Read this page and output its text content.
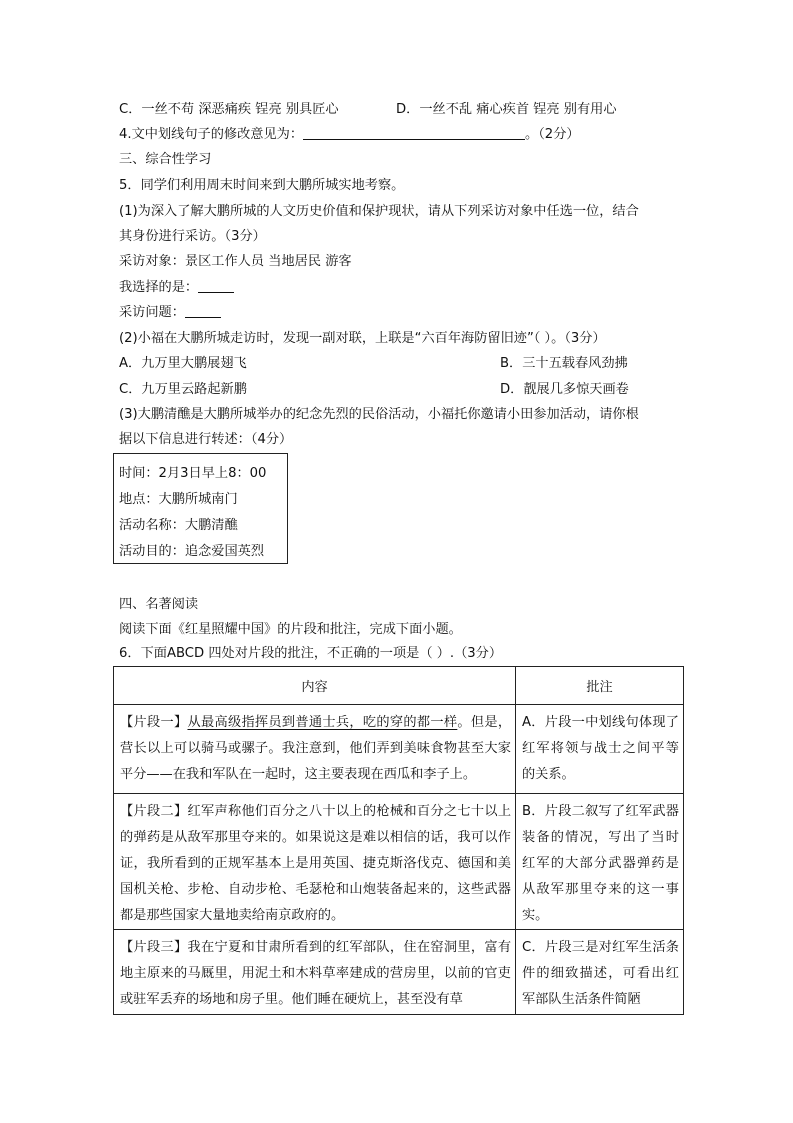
C．一丝不苟 深恶痛疾 锃亮 别具匠心	D．一丝不乱 痛心疾首 锃亮 别有用心
4.文中划线句子的修改意见为：	。（2分）
三、综合性学习
5．同学们利用周末时间来到大鹏所城实地考察。
(1)为深入了解大鹏所城的人文历史价值和保护现状，请从下列采访对象中任选一位，结合
其身份进行采访。（3分）
采访对象：景区工作人员 当地居民 游客
我选择的是：
采访问题：
(2)小福在大鹏所城走访时，发现一副对联，上联是“六百年海防留旧迹”（ ）。（3分）
A．九万里大鹏展翅飞	B．三十五载春风劲拂
C．九万里云路起新鹏	D．靓展几多惊天画卷
(3)大鹏清醮是大鹏所城举办的纪念先烈的民俗活动，小福托你邀请小田参加活动，请你根
据以下信息进行转述：（4分）
时间：2月3日早上8：00
地点：大鹏所城南门
活动名称：大鹏清醮
活动目的：追念爱国英烈
四、名著阅读
阅读下面《红星照耀中国》的片段和批注，完成下面小题。
6．下面ABCD 四处对片段的批注，不正确的一项是（ ）.（3分）
内容	批注

【片段一】从最高级指挥员到普通士兵，吃的穿的都一样。但是，营长以上可以骑马或骡子。我注意到，他们弄到美味食物甚至大家平分——在我和军队在一起时，这主要表现在西瓜和李子上。	A．片段一中划线句体现了红军将领与战士之间平等的关系。

【片段二】红军声称他们百分之八十以上的枪械和百分之七十以上的弹药是从敌军那里夺来的。如果说这是难以相信的话，我可以作证，我所看到的正规军基本上是用英国、捷克斯洛伐克、德国和美国机关枪、步枪、自动步枪、毛瑟枪和山炮装备起来的，这些武器都是那些国家大量地卖给南京政府的。	B．片段二叙写了红军武器装备的情况，写出了当时红军的大部分武器弹药是从敌军那里夺来的这一事实。

【片段三】我在宁夏和甘肃所看到的红军部队，住在窑洞里，富有地主原来的马厩里，用泥土和木料草率建成的营房里，以前的官吏或驻军丢弃的场地和房子里。他们睡在硬炕上，甚至没有草	C．片段三是对红军生活条件的细致描述，可看出红军部队生活条件简陋
